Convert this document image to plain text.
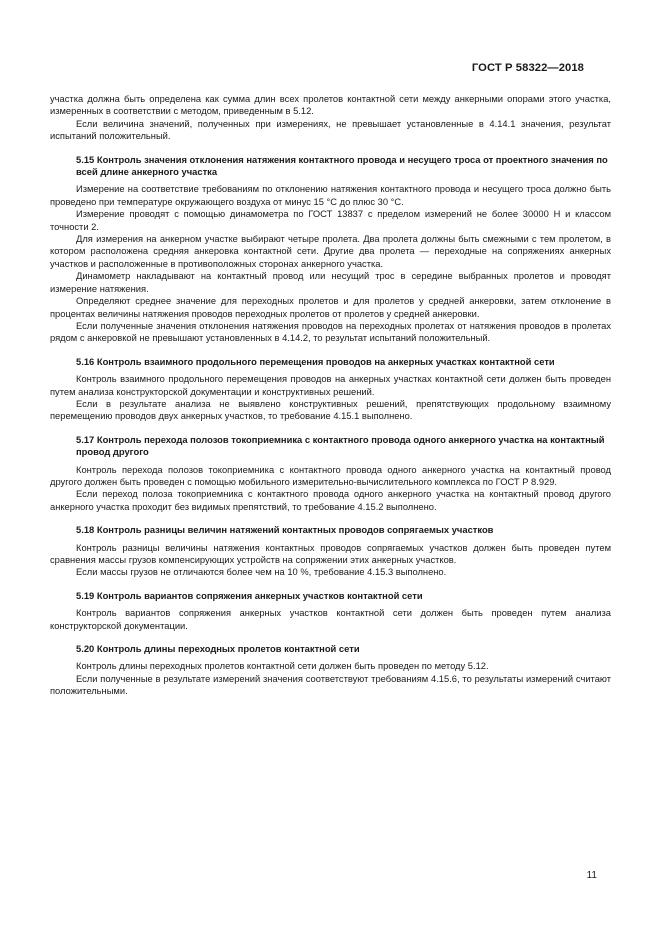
ГОСТ Р 58322—2018

участка должна быть определена как сумма длин всех пролетов контактной сети между анкерными опорами этого участка, измеренных в соответствии с методом, приведенным в 5.12.

Если величина значений, полученных при измерениях, не превышает установленные в 4.14.1 значения, результат испытаний положительный.

5.15 Контроль значения отклонения натяжения контактного провода и несущего троса от проектного значения по всей длине анкерного участка

Измерение на соответствие требованиям по отклонению натяжения контактного провода и несущего троса должно быть проведено при температуре окружающего воздуха от минус 15 °С до плюс 30 °С.

Измерение проводят с помощью динамометра по ГОСТ 13837 с пределом измерений не более 30000 Н и классом точности 2.

Для измерения на анкерном участке выбирают четыре пролета. Два пролета должны быть смежными с тем пролетом, в котором расположена средняя анкеровка контактной сети. Другие два пролета — переходные на сопряжениях анкерных участков и расположенные в противоположных сторонах анкерного участка.

Динамометр накладывают на контактный провод или несущий трос в середине выбранных пролетов и проводят измерение натяжения.

Определяют среднее значение для переходных пролетов и для пролетов у средней анкеровки, затем отклонение в процентах величины натяжения проводов переходных пролетов от пролетов у средней анкеровки.

Если полученные значения отклонения натяжения проводов на переходных пролетах от натяжения проводов в пролетах рядом с анкеровкой не превышают установленных в 4.14.2, то результат испытаний положительный.

5.16 Контроль взаимного продольного перемещения проводов на анкерных участках контактной сети

Контроль взаимного продольного перемещения проводов на анкерных участках контактной сети должен быть проведен путем анализа конструкторской документации и конструктивных решений.

Если в результате анализа не выявлено конструктивных решений, препятствующих продольному взаимному перемещению проводов двух анкерных участков, то требование 4.15.1 выполнено.

5.17 Контроль перехода полозов токоприемника с контактного провода одного анкерного участка на контактный провод другого

Контроль перехода полозов токоприемника с контактного провода одного анкерного участка на контактный провод другого должен быть проведен с помощью мобильного измерительно-вычислительного комплекса по ГОСТ Р 8.929.

Если переход полоза токоприемника с контактного провода одного анкерного участка на контактный провод другого анкерного участка проходит без видимых препятствий, то требование 4.15.2 выполнено.

5.18 Контроль разницы величин натяжений контактных проводов сопрягаемых участков

Контроль разницы величины натяжения контактных проводов сопрягаемых участков должен быть проведен путем сравнения массы грузов компенсирующих устройств на сопряжении этих анкерных участков.

Если массы грузов не отличаются более чем на 10 %, требование 4.15.3 выполнено.

5.19 Контроль вариантов сопряжения анкерных участков контактной сети

Контроль вариантов сопряжения анкерных участков контактной сети должен быть проведен путем анализа конструкторской документации.

5.20 Контроль длины переходных пролетов контактной сети

Контроль длины переходных пролетов контактной сети должен быть проведен по методу 5.12.

Если полученные в результате измерений значения соответствуют требованиям 4.15.6, то результаты измерений считают положительными.

11
